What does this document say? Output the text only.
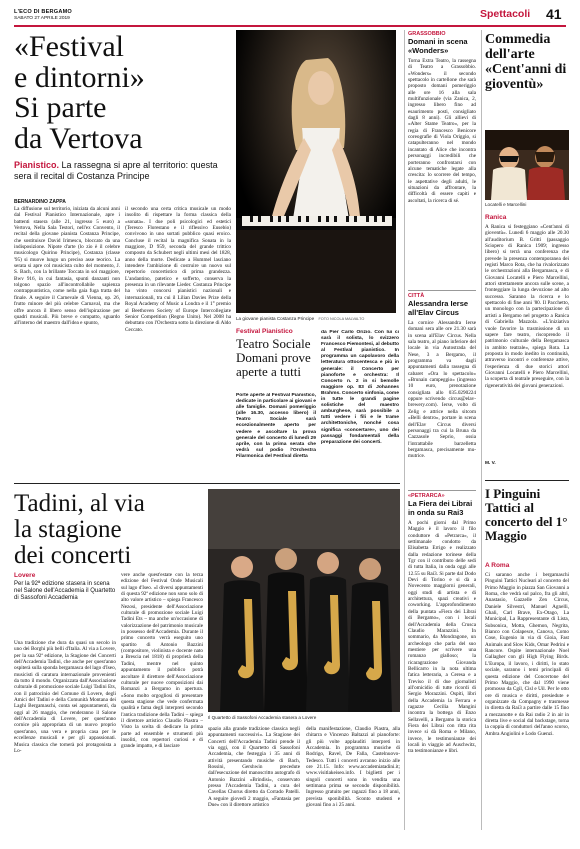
L'ECO DI BERGAMO
SABATO 27 APRILE 2019	Spettacoli 41
«Festival
e dintorni»
Si parte
da Vertova
Pianistico. La rassegna si apre al territorio: questa sera il recital di Costanza Principe
BERNARDINO ZAPPA

La diffusione sul territorio, iniziata da alcuni anni dal Festival Pianistico Internazionale, apre i battenti stasera (alle 21, ingresso 5 euro) a Vertova, Nella Sala Testori, nell'ex Convento, il recital della giovane pianista Costanza Principe, che sostituisce David Irimescu, bloccato da una indisposizione. Nipote d'arte (lo zio è il celebre musicologo Quirino Principe), Costanza (classe '95) si muove lungo un preciso asse teorico. La serata si apre col musicista culto del momento, J. S. Bach, con la brillante Toccata in sol maggiore, Bwv 916, in cui fantasia, spunti danzanti non tolgono spazio all'incontrollabile sapienza contrappuntistica, come nella gaia fuga tratta del finale. A seguire il Carnevale di Vienna, op. 26, frutto minore del più celebre Carnaval, ma che offre ancora il libero senso dell'ispirazione per quadri musicali. Più breve e compatto, sguardo all'interno del maestro dall'idea e spunto,

il secondo una certa critica musicale un modo insolito di rispettare la forma classica della «sonata». I due poli psicologici ed estetici (Teresco Florestano e il riflessivo Eusebio) convivono in uno sortati pubblico quasi eroico. Concluse il recital la magnifica Sonata in la maggiore, D 959, seconda del grande trittico composto da Schubert negli ultimi mesi del 1828, anno della morte. Dedicate a Hummel lasciano intendere l'ambizione di costruire un nuovo sul repertorio concertistico di prima grandezza. L'andantino, patetico e sofferto, conserva la presenza in un rilevante Lieder. Costanza Principe ha vinto concorsi pianistici nazionali e internazionali, tra cui il Lilian Davies Prize della Royal Academy of Music a Londra e il 1° premio al Beethoven Society of Europe Intercollegiate Senior Competition (Regno Unito). Nel 2008 ha debuttato con l'Orchestra sotto la direzione di Aldo Ceccato.

La giovane pianista Costanza Principe FOTO NICOLA MALVALTO
Festival Pianistico
Teatro Sociale Domani prove aperte a tutti

Porte aperte al Festival Pianistico, dedicate in particolare ai giovani e alle famiglie. Domani pomeriggio (alle 16.30, accesso libero) il Teatro Sociale sarà eccezionalmente aperto per vedere e ascoltare la prova generale del concerto di lunedì 29 aprile, con la prima serata che vedrà sul podio l'Orchestra Filarmonica del Festival diretta

da Pier Carlo Orizio. Con lui ci sarà il solista, lo svizzero Francesco Piemontesi, al debutto al Festival pianistico. In programma un capolavoro della letteratura ottocentesca e più in generale: il Concerto per pianoforte e orchestra: Il Concerto n. 2 in si bemolle maggiore op. 83 di Johannes Brahms. Concerto sinfonia, come in tutte le grandi pagine solistiche del maestro amburghese, sarà possibile a tutti vedere i fili e le trame architettoniche, nonché cosa significa «concertare», uno dei passaggi fondamentali della preparazione dei concerti.

GRASSOBBIO
Domani in scena «Wonders»

Torna Extra Teatro, la rassegna di Teatro a Grassobbio. «Wonders» il secondo spettacolo in cartellone che sarà proposto domani pomeriggio alle ore 16 alla sala multifunzionale (via Zanica, 2, ingresso libero fino ad esaurimento posti, consigliato dagli 8 anni). Gli allievi di «Alter Stame Teatro», per la regia di Francesco Benicore coreografie di Viola Origgio, si catapulteranno nel mondo incantato di Alice che incontra personaggi incredibili che porteranno confrontarsi con alcune tematiche legate alla crescita: lo scorrere del tempo, le aspettative degli adulti, le situazioni da affrontare, la difficoltà di essere capiti e ascoltati, la ricerca di sé.

CITTÀ
Alessandra Ierse all'Elav Circus

La cornice Alessandra Ierse domani sera alle ore 21.30 sarà in scena all'Elav Circus. Nella sala teatro, al piano inferiore del locale in via Autostrada del Nese, 3 a Bergamo, il programma va dagli appuntamenti dalla rassegna di cabaret «Ora lo spettacolo» «Brunain campeggio» (ingresso 10 euro, prenotazione consigliata allo 035.0290224 oppure scrivendo circus@elav-brewery.com). Ierse, volto di Zelig e attrice nella sitcom «Belli dentro», portare in scena dell'Elav Circus diversi personaggi tra cui la Bruna da Cazzasole Seprio, ossia l'intrattabile barzelletta bergamasca, precisamente mu-mutrice.

«PETRARCA»
La Fiera dei Librai in onda su Rai3

A pochi giorni dal Primo Maggio è il lavoro il filo conduttore di «Petrarca», il settimanale condotto da Elisabetta Errigo e realizzato dalla redazione torinese della Tgr con il contributo delle sedi di tutta Italia, in onda oggi alle 12.55 su Rai3. Si parte dal Dodo Devi di Torino e si dà a Novecento maggiorni generali, oggi studi di artista e di architettura, spazi creativi e coworking. L'approfondimento della puntata «Fiera dei Librai di Bergamo», con i locali dell'Accademia della Crusca Claudio Marazzini. In sommario, da Mondragone, un archeologo che parla del suo mestiere per scrivere una romanzo gialloso; la ricaragrazione Giovanda Bellicarro in la nota ultima fatica letteraria, a Ceresa e a Treviso il di due giornalisti all'omicidio di tutte ricordi di Sergio Morazzini. Ospiti, libri della Accademia la Ferrara e ragazze Cecilia Mangini incontra la bottega di Enzo Sellavelli, a Bergamo la storica Fiera dei Librai con ritta rita invece si dà Roma e Milano, invece, le testimonianze dei locali in viaggio ad Auschwitz, tra testimonianze e libri.

Commedia dell'arte «Cent'anni di gioventù»
Locatelli e Marcellini
Ranica

A Ranica si festeggiano «Cent'anni di gioventù». Lunedì 6 maggio alle 20.30 all'auditorium B. Gritti (passaggio Sciopero di Ranica 1909; ingresso libero) si terrà una conferenza che prevede la presenza contemporanea dei registi Marco Rota, che ha rivalorizzato le orchestrazioni alla Bergamasca, e di Giovanni Locatelli e Piero Marcellini, attori strettamente ancora sulle scene, a fronteggiare la lunga devozione ad alto successo. Saranno la ricerca e lo spettacolo di fine anni '80. Il Pacchetto, un monologo con la partecipazione di artisti a Bergamo nel progetto a Ranica di Gabriella Mazzola. «L'iniziativa vuole favorire la trasmissione di un sapere fare teatro, riscoprendo il patrimonio culturale della Bergamasca in ambito teatrale», spiega Rota. La proposta in modo inedito in continuità, attraverso incontri e conferenze attive, l'esperienza di due storici attori Giovanni Locatelli e Piero Marcellini, la scoperta di teatrale preseguire, con la rigeneratività dei giovani generazioni.

M. V.
I Pinguini Tattici al concerto del 1° Maggio
A Roma

Ci saranno anche i bergamaschi Pinguini Tattici Nucleari al concerto del Primo Maggio in piazza San Giovanni a Roma, che vedrà sul palco, fra gli altri, Anastasio, Gazzelle Zen Circus, Daniele Silvestri, Manuel Agnelli, Ghali, Carl Brave, Ex-Otago, La Municipal, La Rappresentante di Lista, Subsonica, Motta, Ghemon, Negrita, Bianco con Colapesce, Canova, Como Cose, Eugenio in via di Gioia, Fast Animals and Slow Kids, Omar Pedrini e Rancore. Ospite internazionale Noel Gallagher con gli High Flying Birds. L'Europa, il lavoro, i diritti, lo stato sociale, saranno i temi principali di questa edizione del Concertone del Primo Maggio, che dal 1990 viene promosso da Cgil, Cisl e Uil. Per le otto ore di musica e diritti, presiedute e organizzate da Compagny e trasmesse in diretta da Rai3 a partire dalle 15 fino a mezzanotte e da Rai radio 2 in air in diretta live e social dal backstage, torna la coppia di conduttori dell'anno scorso, Ambra Angiolini e Lodo Guenzi.

Tadini, al via
la stagione
dei concerti
Lovere
Per la 92ª edizione stasera in scena nel Salone dell'Accademia il Quartetto di Sassofoni Accademia

Una tradizione che dura da quasi un secolo in uno dei Borghi più belli d'Italia. Al via a Lovere, per la sua 92ª edizione, la Stagione dei Concerti dell'Accademia Tadini, che anche per quest'anno ospiterà sulla sponda bergamasca del lago d'Iseo, musicisti di caratura internazionale provenienti da tutto il mondo. Organizzata dall'Associazione culturale di promozione sociale Luigi Tadini Ets, con il patrocinio del Comune di Lovere, degli Amici del Tadini e della Comunità Montana dei Laghi Bergamaschi, conta sei appuntamenti, da oggi al 26 maggio, che renderanno il Salone dell'Accademia di Lovere, per quest'anno cornice più appropriata di un nuovo proprio quest'anno, una vera e propria casa per le eccellenze musicali e per gli appassionati. Musica classica che tornerà poi protagonista a Lo-

vere anche quest'estate con la terza edizione del Festival Onde Musicali sul lago d'Iseo. «I diversi appuntamenti di questa 92ª edizione non sono solo di alto valore artistico – spiega Francesco Nezosi, presidente dell'Associazione culturale di promozione sociale Luigi Tadini Ets – ma anche un'occasione di valorizzazione del patrimonio musicale in possesso dell'Accademia. Durante il primo concerto verrà eseguito uno spartito di Antonio Bazzini (compositore, violinista e docente nato a Brescia nel 1818) di proprietà della Tadini, mentre nel quinto appuntamento il pubblico potrà ascoltare il direttore dell'Associazione culturale per nuove composizioni dai Romanzi a Bergamo in apertura. «Sono molto orgogliosi di presentare questa stagione che vede confermata qualità e fama degli interpreti secondo l'antica tradizione della Tadini – spiega il direttore artistico Claudio Piastra – Visto la scelta di dedicare la prima parte ad ensemble e strumenti più insoliti, con repertori curiosi e di grande impatto, e di lasciare

Il Quartetto di Sassofoni Accademia stasera a Lovere

spazio alla grande tradizione classica negli appuntamenti successivi». La Stagione dei Concerti dell'Accademia Tadini prende il via oggi, con il Quartetto di Sassofoni Accademia, che festeggia i 35 anni di attività presentando musiche di Bach, Rossini, Gershwin precedute dall'esecuzione del manoscritto autografo di Antonio Bazzini «Brindisi», conservato presso l'Accademia Tadini, a cura del Cavellas Chorus diretto da Corrado Patelli. A seguire giovedì 2 maggio, «Fantasia per Due» con il direttore artistico

della manifestazione, Claudio Piastra, alla chitarra e Vincenzo Baltazzi al pianoforte: gli più volte applauditi interpreti in Accademia. In programma musiche di Rodrigo, Ravel, De Falla, Castelnuovo-Tedesco. Tutti i concerti avranno inizio alle ore 21.15. Info: www.accademiatadini.it; www.visitlakeiseo.info. I biglietti per i singoli concerti sono in vendita una settimana prima se secondo disponibilità. Ingresso gratuito per ragazzi fino a 18 anni, prevista sponibilità. Sconto studenti e giovani fino a i 25 anni.
